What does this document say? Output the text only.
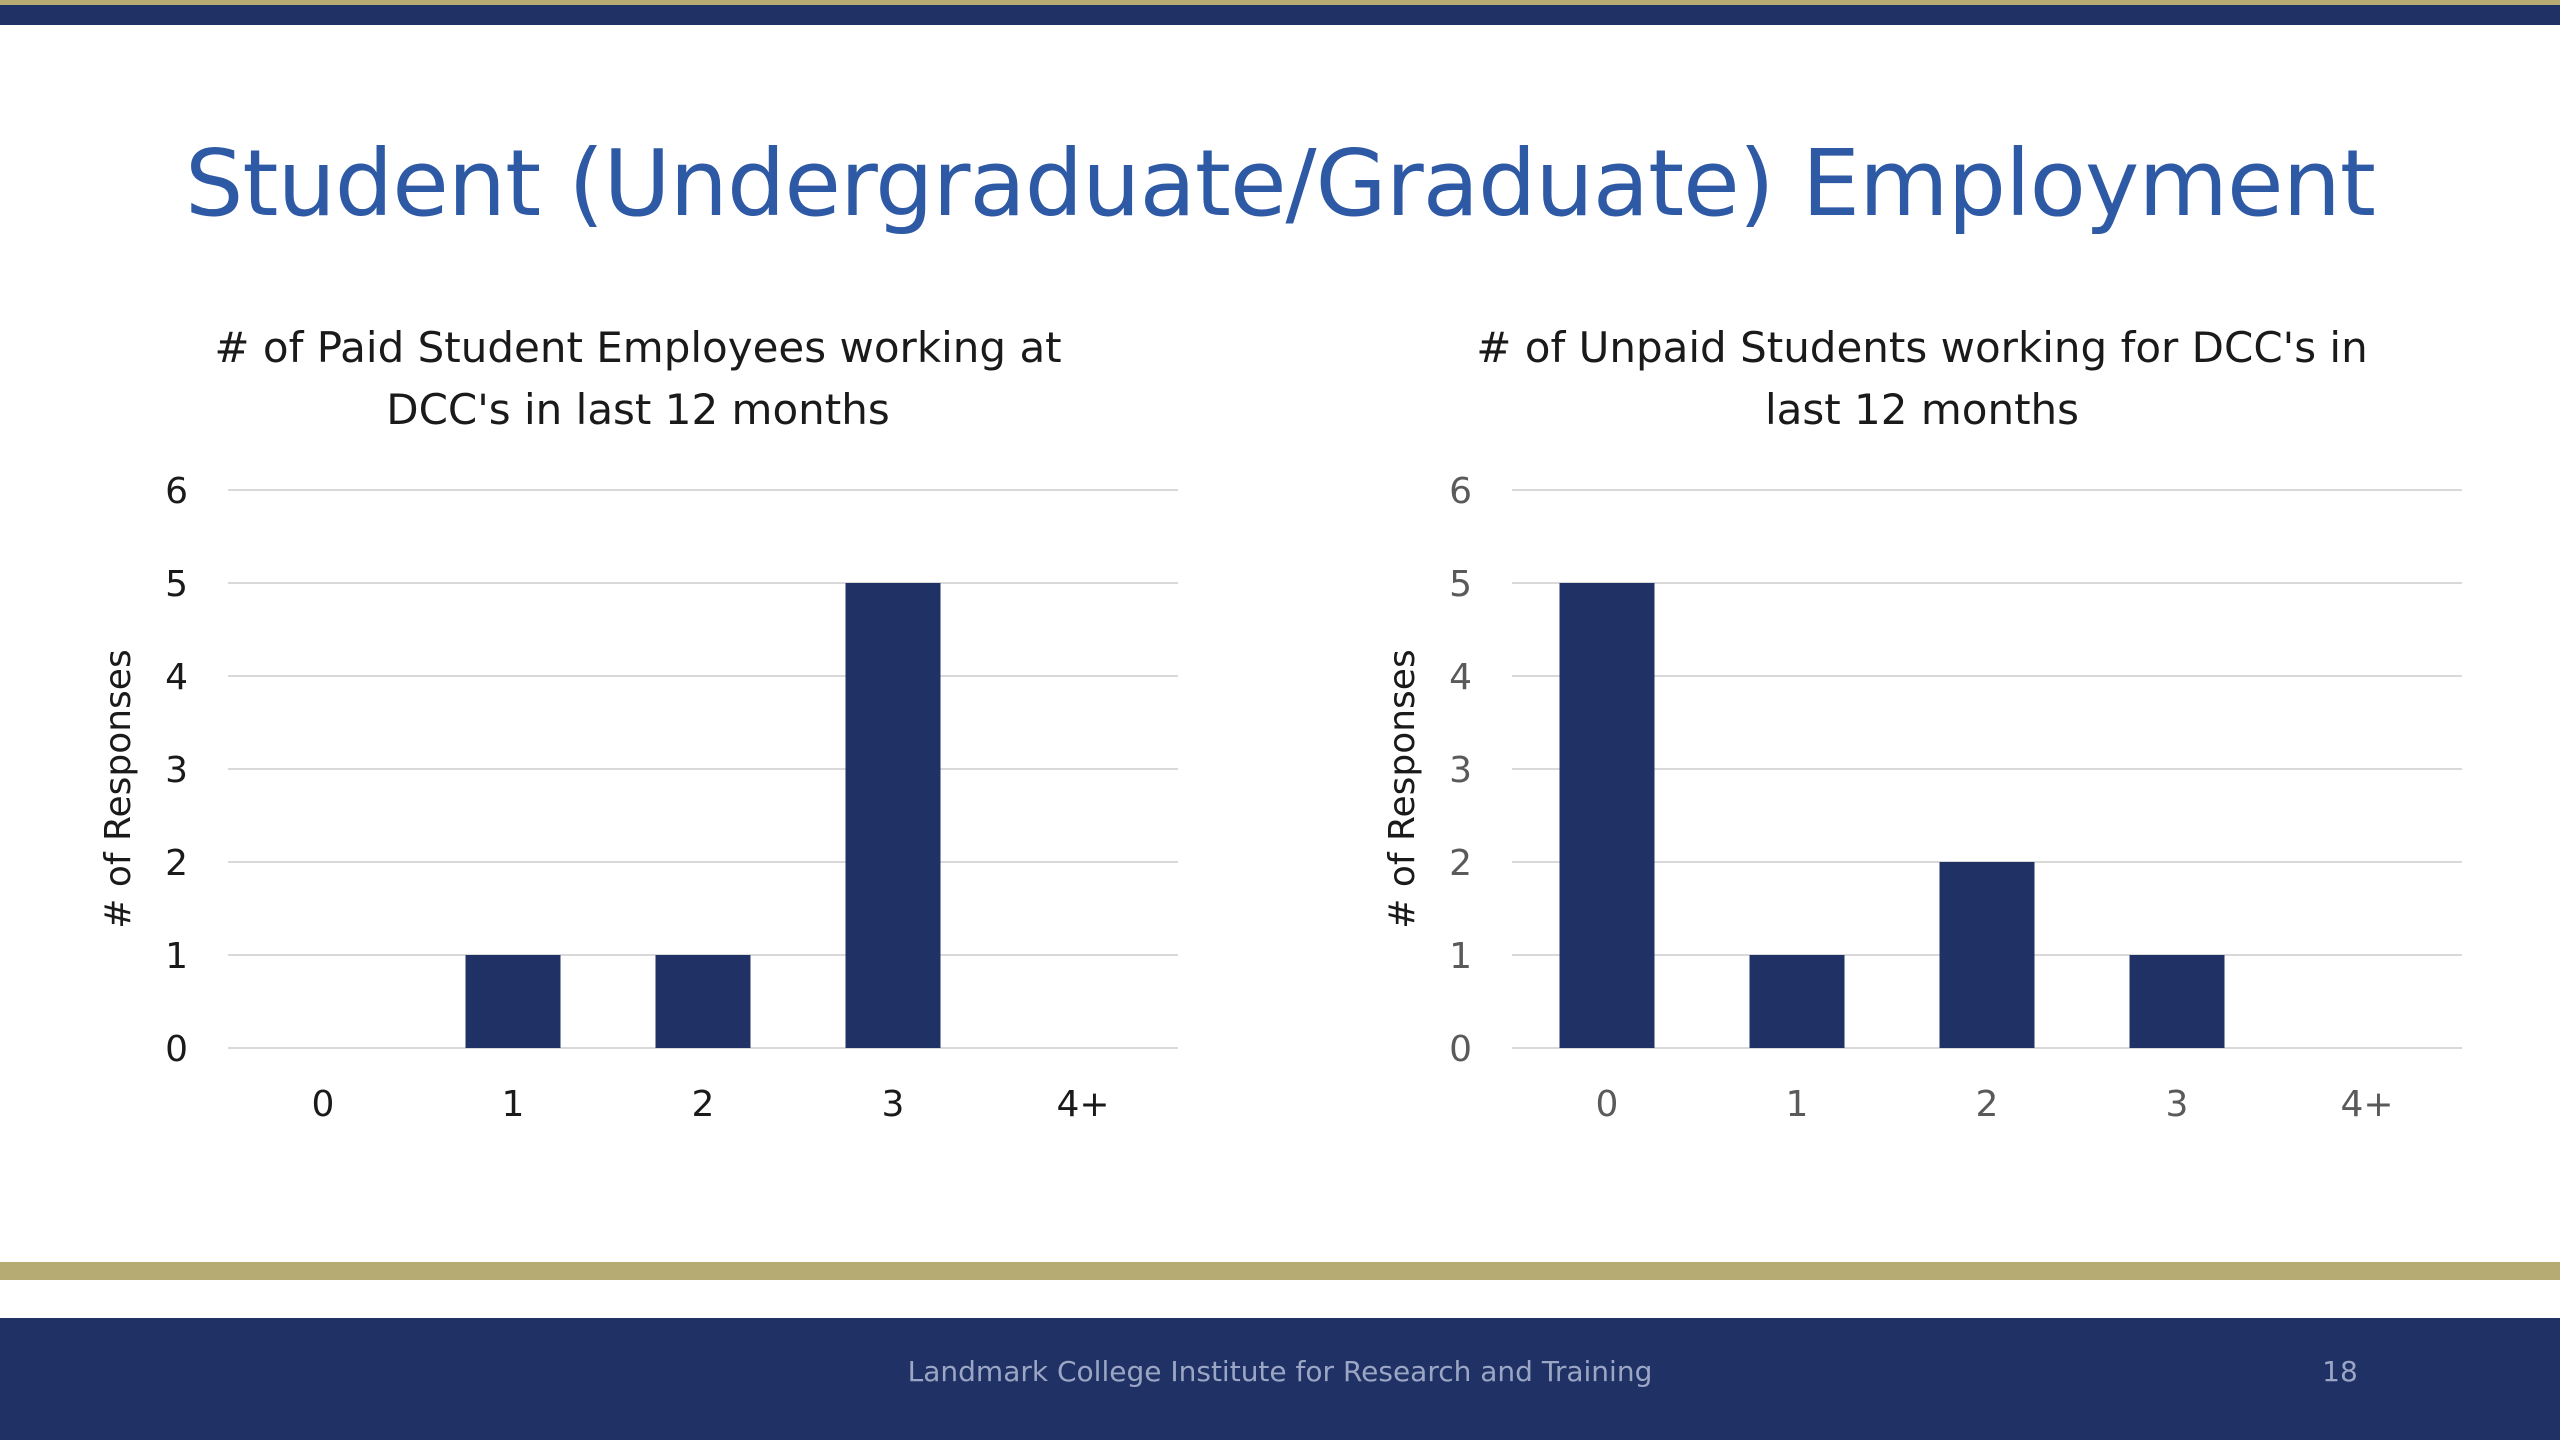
Student (Undergraduate/Graduate) Employment
# of Paid Student Employees working at
DCC's in last 12 months
0
1
2
3
4
5
6
# of Responses
0	1	2	3	4+
# of Unpaid Students working for DCC's in
last 12 months
0
1
2
3
4
5
6
# of Responses
0	1	2	3	4+
Landmark College Institute for Research and Training	18
